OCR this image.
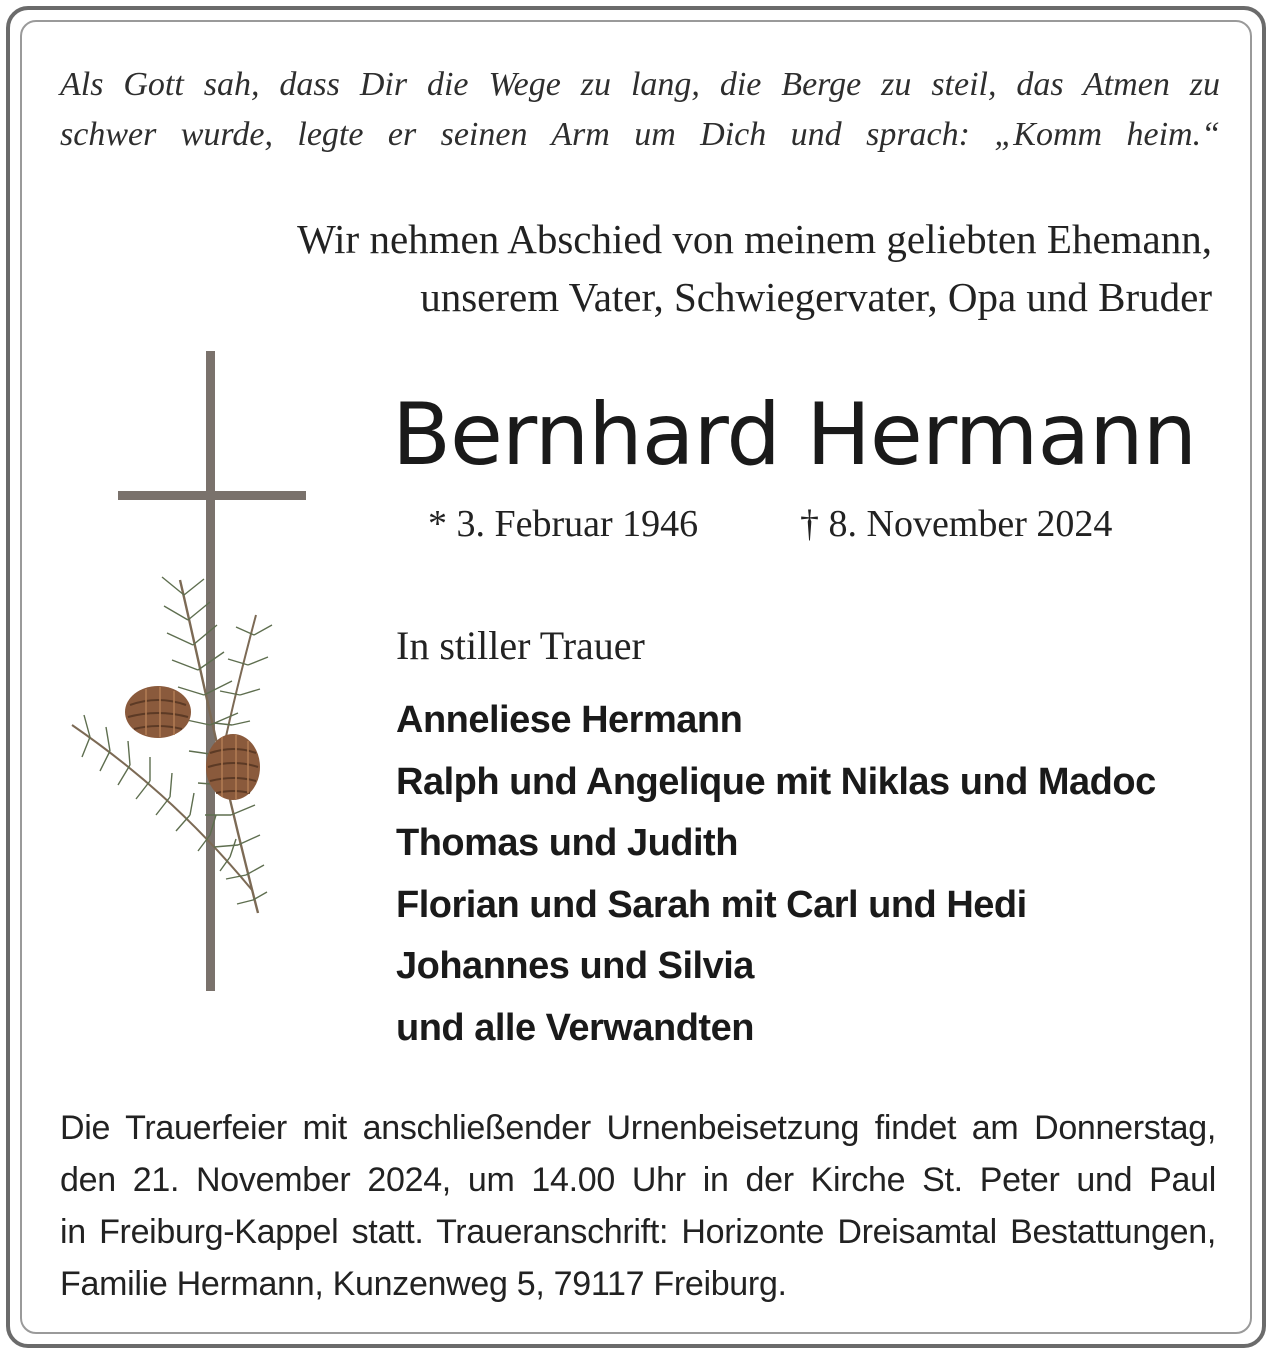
Als Gott sah, dass Dir die Wege zu lang, die Berge zu steil, das Atmen zu
schwer wurde, legte er seinen Arm um Dich und sprach: „Komm heim.“
Wir nehmen Abschied von meinem geliebten Ehemann,
unserem Vater, Schwiegervater, Opa und Bruder
Bernhard Hermann
* 3. Februar 1946	† 8. November 2024
In stiller Trauer
Anneliese Hermann
Ralph und Angelique mit Niklas und Madoc
Thomas und Judith
Florian und Sarah mit Carl und Hedi
Johannes und Silvia
und alle Verwandten
Die Trauerfeier mit anschließender Urnenbeisetzung findet am Donnerstag,
den 21. November 2024, um 14.00 Uhr in der Kirche St. Peter und Paul
in Freiburg-Kappel statt. Traueranschrift: Horizonte Dreisamtal Bestattungen,
Familie Hermann, Kunzenweg 5, 79117 Freiburg.
